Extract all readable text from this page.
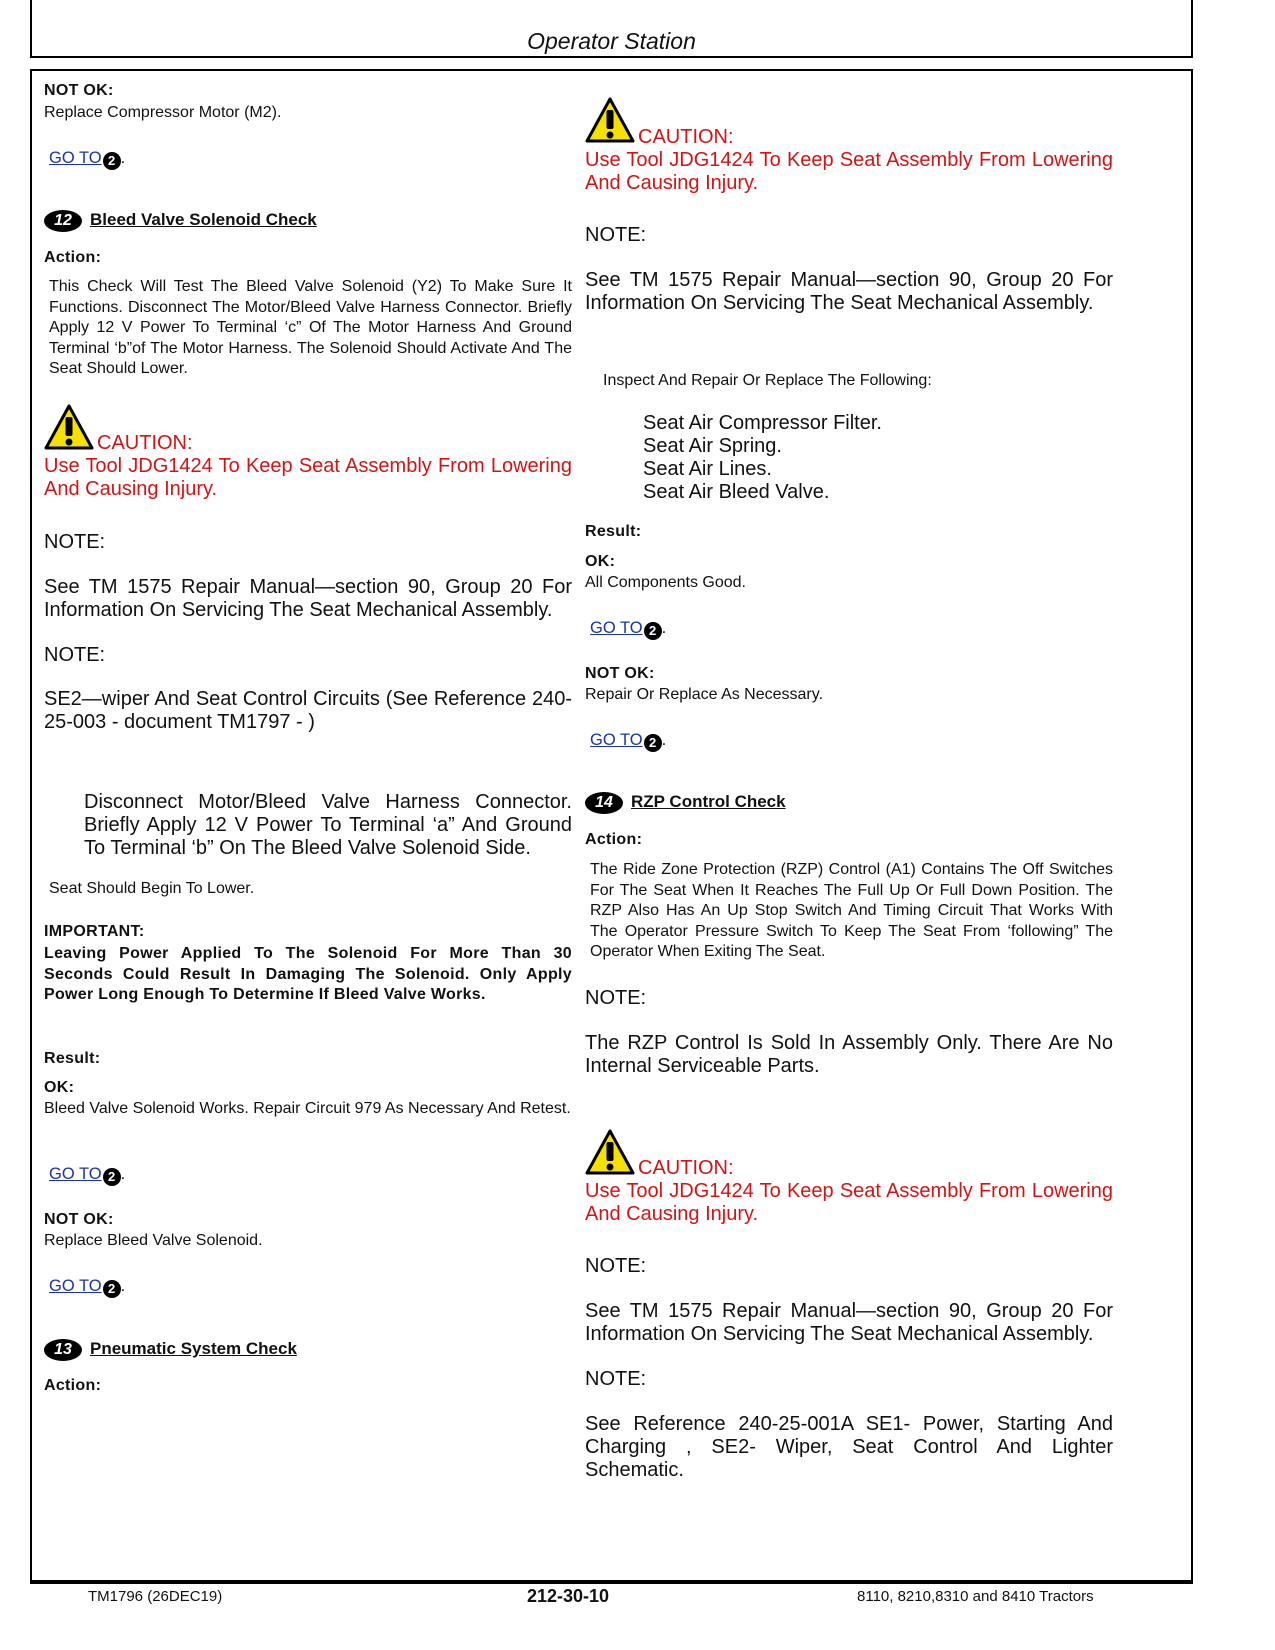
Operator Station
NOT OK:
Replace Compressor Motor (M2).
GO TO 2 .
12 Bleed Valve Solenoid Check
Action:
This Check Will Test The Bleed Valve Solenoid (Y2) To Make Sure It Functions. Disconnect The Motor/Bleed Valve Harness Connector. Briefly Apply 12 V Power To Terminal ‘c” Of The Motor Harness And Ground Terminal ‘b”of The Motor Harness. The Solenoid Should Activate And The Seat Should Lower.
CAUTION:
Use Tool JDG1424 To Keep Seat Assembly From Lowering And Causing Injury.
NOTE:
See TM 1575 Repair Manual—section 90, Group 20 For Information On Servicing The Seat Mechanical Assembly.
NOTE:
SE2—wiper And Seat Control Circuits (See Reference 240-25-003 - document TM1797 - )
Disconnect Motor/Bleed Valve Harness Connector. Briefly Apply 12 V Power To Terminal ‘a” And Ground To Terminal ‘b” On The Bleed Valve Solenoid Side.
Seat Should Begin To Lower.
IMPORTANT:
Leaving Power Applied To The Solenoid For More Than 30 Seconds Could Result In Damaging The Solenoid. Only Apply Power Long Enough To Determine If Bleed Valve Works.
Result:
OK:
Bleed Valve Solenoid Works. Repair Circuit 979 As Necessary And Retest.
GO TO 2 .
NOT OK:
Replace Bleed Valve Solenoid.
GO TO 2 .
13 Pneumatic System Check
Action:
CAUTION:
Use Tool JDG1424 To Keep Seat Assembly From Lowering And Causing Injury.
NOTE:
See TM 1575 Repair Manual—section 90, Group 20 For Information On Servicing The Seat Mechanical Assembly.
Inspect And Repair Or Replace The Following:
Seat Air Compressor Filter.
Seat Air Spring.
Seat Air Lines.
Seat Air Bleed Valve.
Result:
OK:
All Components Good.
GO TO 2 .
NOT OK:
Repair Or Replace As Necessary.
GO TO 2 .
14 RZP Control Check
Action:
The Ride Zone Protection (RZP) Control (A1) Contains The Off Switches For The Seat When It Reaches The Full Up Or Full Down Position. The RZP Also Has An Up Stop Switch And Timing Circuit That Works With The Operator Pressure Switch To Keep The Seat From ‘following” The Operator When Exiting The Seat.
NOTE:
The RZP Control Is Sold In Assembly Only. There Are No Internal Serviceable Parts.
CAUTION:
Use Tool JDG1424 To Keep Seat Assembly From Lowering And Causing Injury.
NOTE:
See TM 1575 Repair Manual—section 90, Group 20 For Information On Servicing The Seat Mechanical Assembly.
NOTE:
See Reference 240-25-001A SE1- Power, Starting And Charging , SE2- Wiper, Seat Control And Lighter Schematic.
TM1796 (26DEC19)	212-30-10	8110, 8210,8310 and 8410 Tractors
